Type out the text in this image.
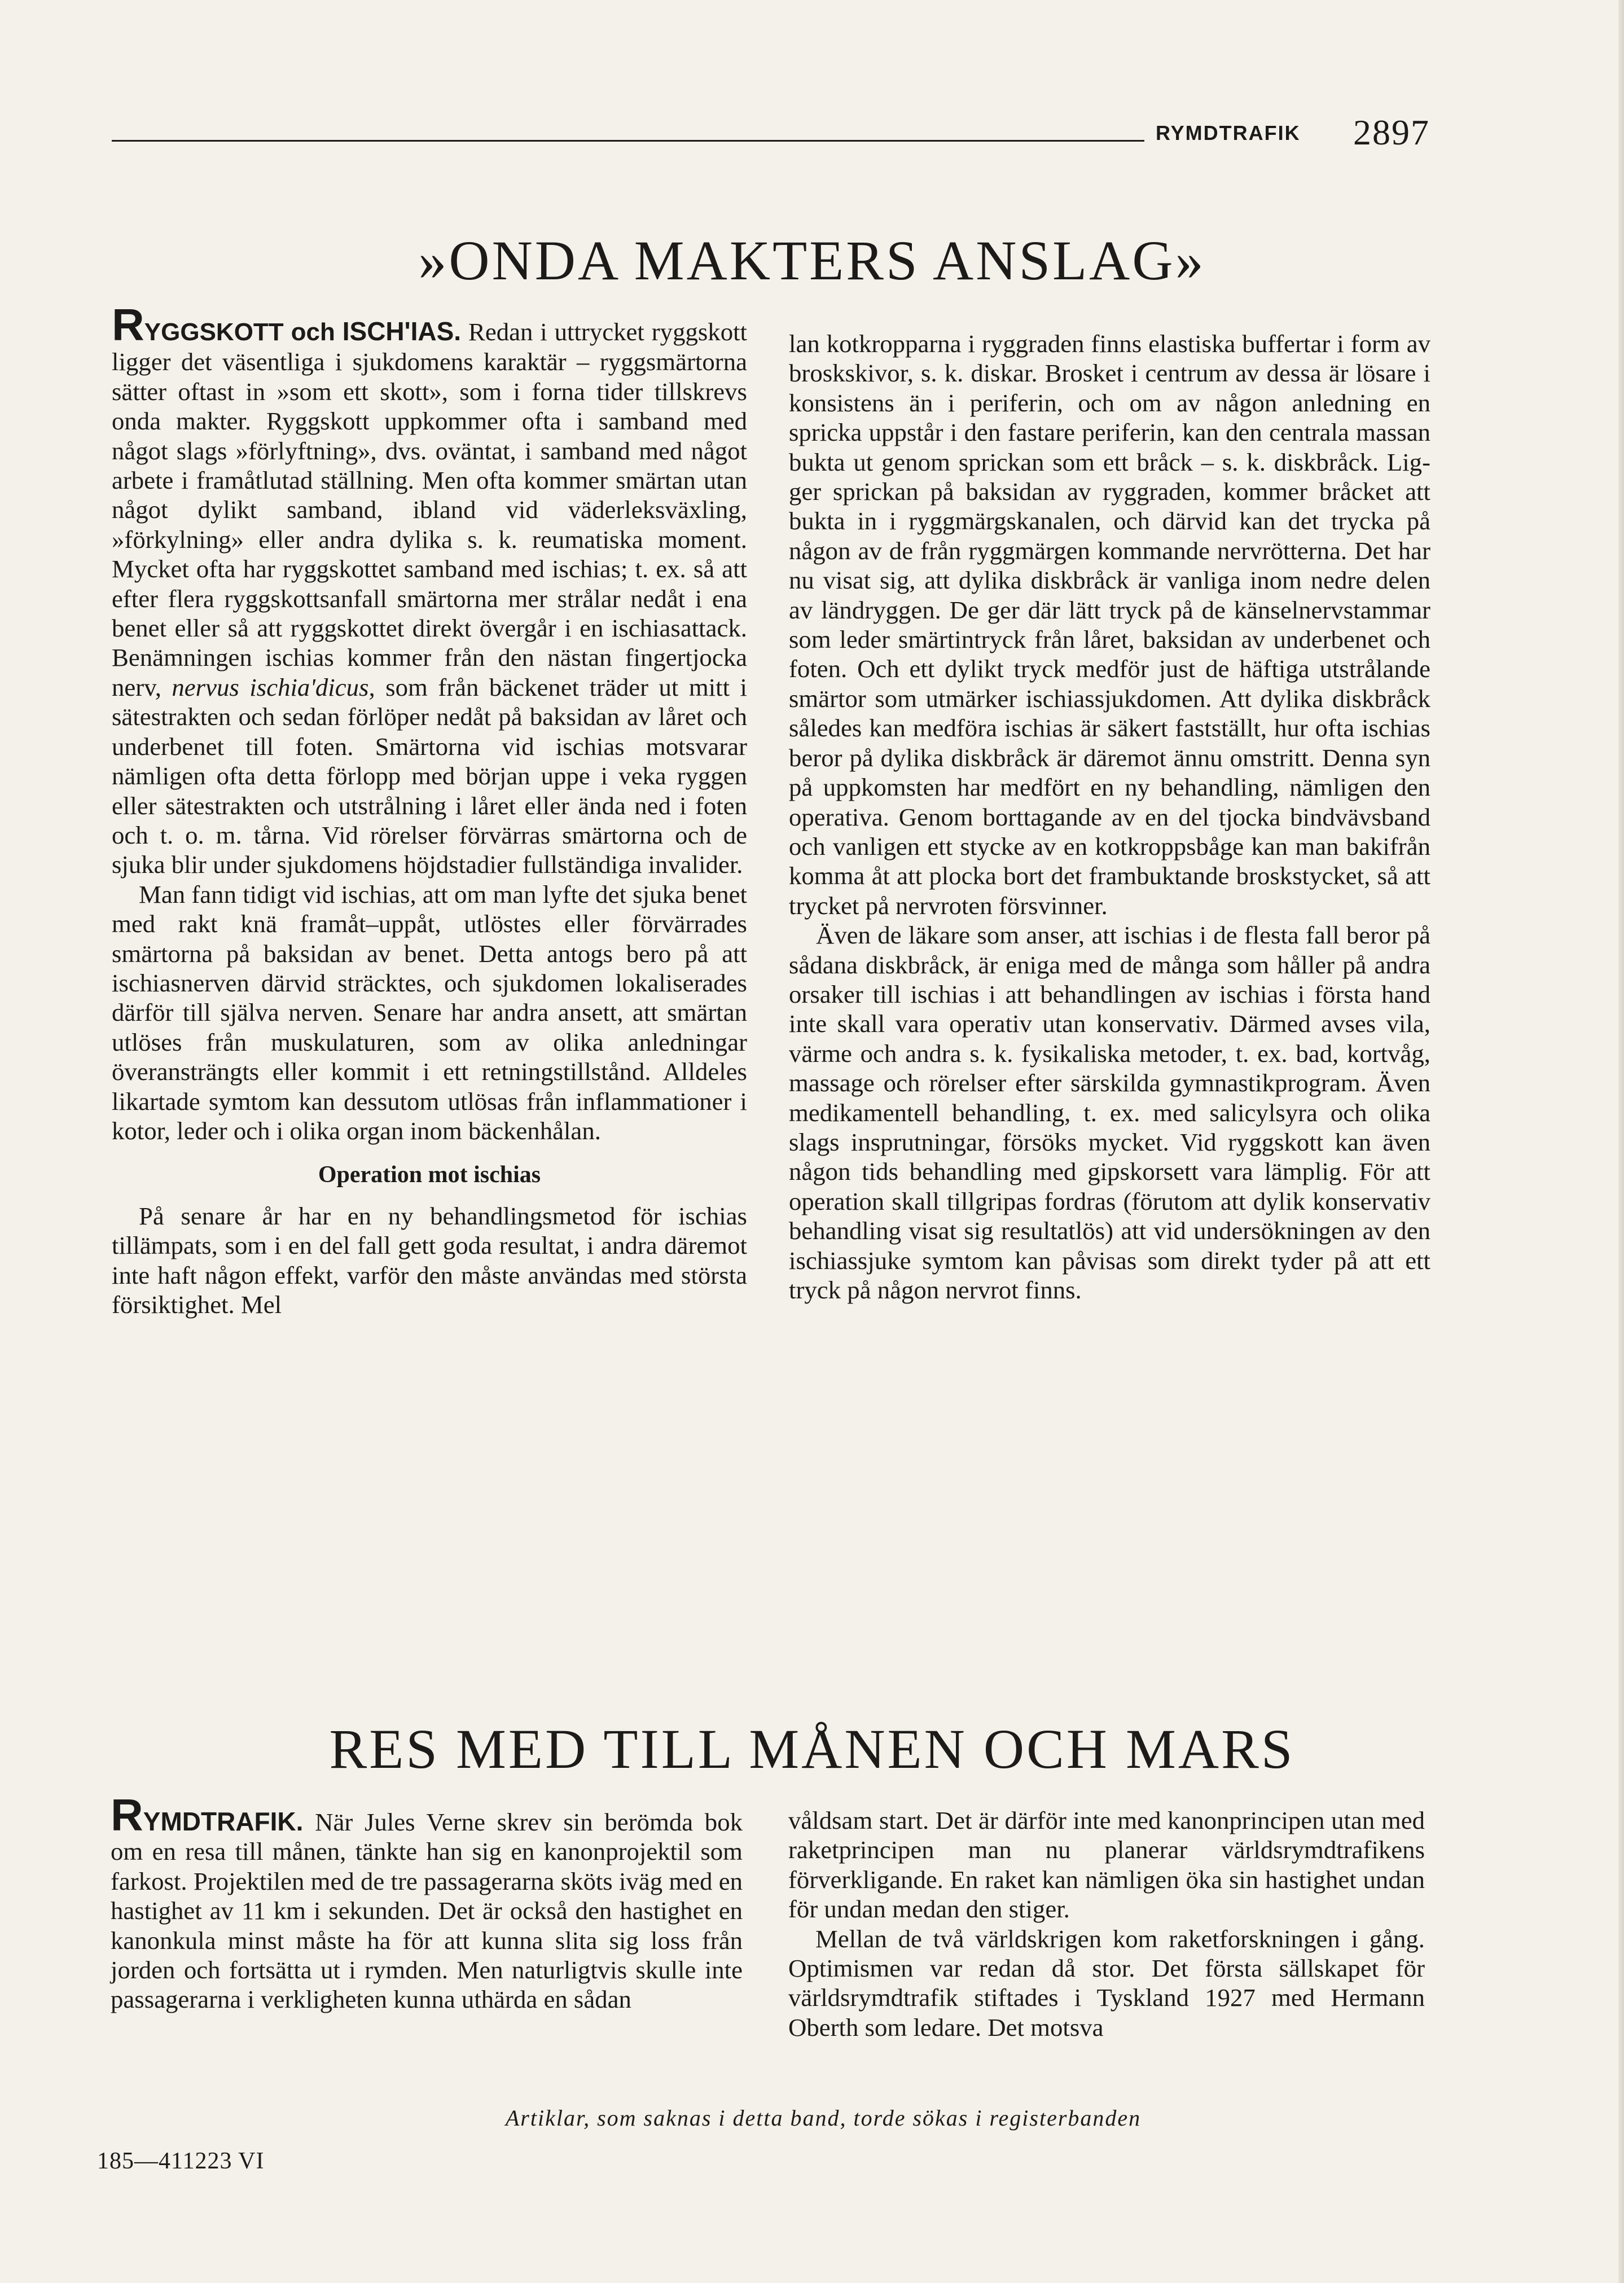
RYMDTRAFIK 2897
»ONDA MAKTERS ANSLAG»

RYGGSKOTT och ISCH'IAS. Redan i uttrycket ryggskott ligger det väsentliga i sjukdomens karaktär – ryggsmärtorna sätter oftast in »som ett skott», som i forna tider tillskrevs onda makter. Ryggskott uppkommer ofta i samband med något slags »förlyftning», dvs. oväntat, i samband med något arbete i framåtlutad ställning. Men ofta kommer smärtan utan något dylikt samband, ibland vid väderleksväxling, »förkylning» eller andra dylika s. k. reumatiska moment. Mycket ofta har ryggskottet samband med ischias; t. ex. så att efter flera ryggskottsanfall smärtorna mer strålar nedåt i ena benet eller så att ryggskottet direkt övergår i en ischiasattack. Benämningen ischias kommer från den nästan fingertjocka nerv, nervus ischia'dicus, som från bäckenet träder ut mitt i sätestrakten och sedan förlöper nedåt på baksidan av låret och underbenet till foten. Smärtorna vid ischias motsvarar nämligen ofta detta förlopp med början uppe i veka ryggen eller sätestrakten och utstrålning i låret eller ända ned i foten och t. o. m. tårna. Vid rörelser förvärras smärtorna och de sjuka blir under sjukdomens höjdstadier fullständiga invalider.

Man fann tidigt vid ischias, att om man lyfte det sjuka benet med rakt knä framåt–uppåt, utlöstes eller förvärrades smärtorna på baksidan av benet. Detta antogs bero på att ischiasnerven därvid sträcktes, och sjukdomen lokaliserades därför till själva nerven. Senare har andra ansett, att smärtan utlöses från muskulaturen, som av olika anledningar överansträngts eller kommit i ett retningstillstånd. Alldeles likartade symtom kan dessutom utlösas från inflammationer i kotor, leder och i olika organ inom bäckenhålan.

Operation mot ischias

På senare år har en ny behandlingsmetod för ischias tillämpats, som i en del fall gett goda resultat, i andra däremot inte haft någon effekt, varför den måste användas med största försiktighet. Mel

lan kotkropparna i ryggraden finns elastiska buffertar i form av broskskivor, s. k. diskar. Brosket i centrum av dessa är lösare i konsistens än i periferin, och om av någon anledning en spricka uppstår i den fastare periferin, kan den centrala massan bukta ut genom sprickan som ett bråck – s. k. diskbråck. Ligger sprickan på baksidan av ryggraden, kommer bråcket att bukta in i ryggmärgskanalen, och därvid kan det trycka på någon av de från ryggmärgen kommande nervrötterna. Det har nu visat sig, att dylika diskbråck är vanliga inom nedre delen av ländryggen. De ger där lätt tryck på de känselnervstammar som leder smärtintryck från låret, baksidan av underbenet och foten. Och ett dylikt tryck medför just de häftiga utstrålande smärtor som utmärker ischiassjukdomen. Att dylika diskbråck således kan medföra ischias är säkert fastställt, hur ofta ischias beror på dylika diskbråck är däremot ännu omstritt. Denna syn på uppkomsten har medfört en ny behandling, nämligen den operativa. Genom borttagande av en del tjocka bindvävsband och vanligen ett stycke av en kotkroppsbåge kan man bakifrån komma åt att plocka bort det frambuktande broskstycket, så att trycket på nervroten försvinner.

Även de läkare som anser, att ischias i de flesta fall beror på sådana diskbråck, är eniga med de många som håller på andra orsaker till ischias i att behandlingen av ischias i första hand inte skall vara operativ utan konservativ. Därmed avses vila, värme och andra s. k. fysikaliska metoder, t. ex. bad, kortvåg, massage och rörelser efter särskilda gymnastikprogram. Även medikamentell behandling, t. ex. med salicylsyra och olika slags insprutningar, försöks mycket. Vid ryggskott kan även någon tids behandling med gipskorsett vara lämplig. För att operation skall tillgripas fordras (förutom att dylik konservativ behandling visat sig resultatlös) att vid undersökningen av den ischiassjuke symtom kan påvisas som direkt tyder på att ett tryck på någon nervrot finns.

RES MED TILL MÅNEN OCH MARS

RYMDTRAFIK. När Jules Verne skrev sin berömda bok om en resa till månen, tänkte han sig en kanonprojektil som farkost. Projektilen med de tre passagerarna sköts iväg med en hastighet av 11 km i sekunden. Det är också den hastighet en kanonkula minst måste ha för att kunna slita sig loss från jorden och fortsätta ut i rymden. Men naturligtvis skulle inte passagerarna i verkligheten kunna uthärda en sådan

våldsam start. Det är därför inte med kanonprincipen utan med raketprincipen man nu planerar världsrymdtrafikens förverkligande. En raket kan nämligen öka sin hastighet undan för undan medan den stiger.

Mellan de två världskrigen kom raketforskningen i gång. Optimismen var redan då stor. Det första sällskapet för världsrymdtrafik stiftades i Tyskland 1927 med Hermann Oberth som ledare. Det motsva

Artiklar, som saknas i detta band, torde sökas i registerbanden
185—411223 VI
